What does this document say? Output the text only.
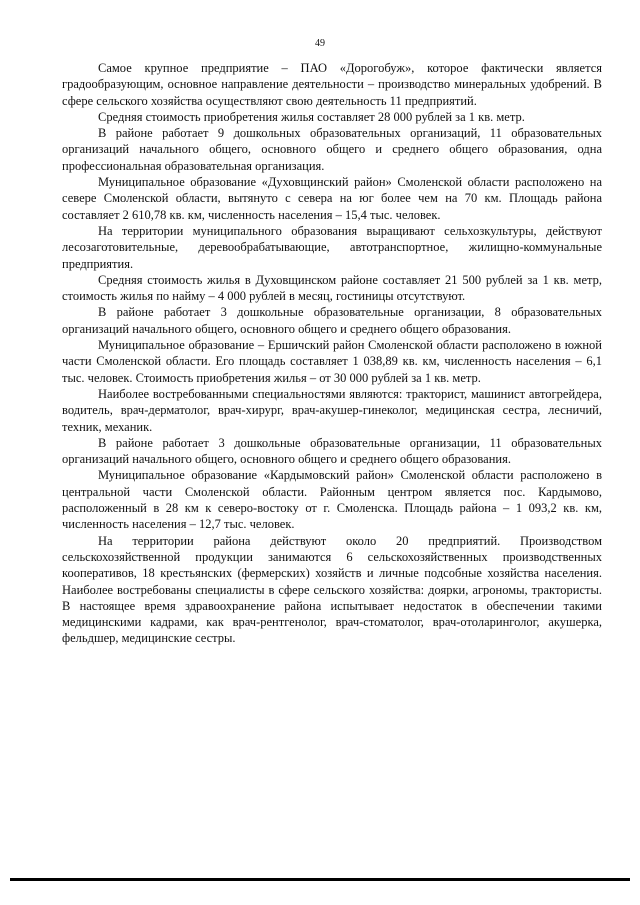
49

Самое крупное предприятие – ПАО «Дорогобуж», которое фактически является градообразующим, основное направление деятельности – производство минеральных удобрений. В сфере сельского хозяйства осуществляют свою деятельность 11 предприятий.

Средняя стоимость приобретения жилья составляет 28 000 рублей за 1 кв. метр.

В районе работает 9 дошкольных образовательных организаций, 11 образовательных организаций начального общего, основного общего и среднего общего образования, одна профессиональная образовательная организация.

Муниципальное образование «Духовщинский район» Смоленской области расположено на севере Смоленской области, вытянуто с севера на юг более чем на 70 км. Площадь района составляет 2 610,78 кв. км, численность населения – 15,4 тыс. человек.

На территории муниципального образования выращивают сельхозкультуры, действуют лесозаготовительные, деревообрабатывающие, автотранспортное, жилищно-коммунальные предприятия.

Средняя стоимость жилья в Духовщинском районе составляет 21 500 рублей за 1 кв. метр, стоимость жилья по найму – 4 000 рублей в месяц, гостиницы отсутствуют.

В районе работает 3 дошкольные образовательные организации, 8 образовательных организаций начального общего, основного общего и среднего общего образования.

Муниципальное образование – Ершичский район Смоленской области расположено в южной части Смоленской области. Его площадь составляет 1 038,89 кв. км, численность населения – 6,1 тыс. человек. Стоимость приобретения жилья – от 30 000 рублей за 1 кв. метр.

Наиболее востребованными специальностями являются: тракторист, машинист автогрейдера, водитель, врач-дерматолог, врач-хирург, врач-акушер-гинеколог, медицинская сестра, лесничий, техник, механик.

В районе работает 3 дошкольные образовательные организации, 11 образовательных организаций начального общего, основного общего и среднего общего образования.

Муниципальное образование «Кардымовский район» Смоленской области расположено в центральной части Смоленской области. Районным центром является пос. Кардымово, расположенный в 28 км к северо-востоку от г. Смоленска. Площадь района – 1 093,2 кв. км, численность населения – 12,7 тыс. человек.

На территории района действуют около 20 предприятий. Производством сельскохозяйственной продукции занимаются 6 сельскохозяйственных производственных кооперативов, 18 крестьянских (фермерских) хозяйств и личные подсобные хозяйства населения. Наиболее востребованы специалисты в сфере сельского хозяйства: доярки, агрономы, трактористы. В настоящее время здравоохранение района испытывает недостаток в обеспечении такими медицинскими кадрами, как врач-рентгенолог, врач-стоматолог, врач-отоларинголог, акушерка, фельдшер, медицинские сестры.
